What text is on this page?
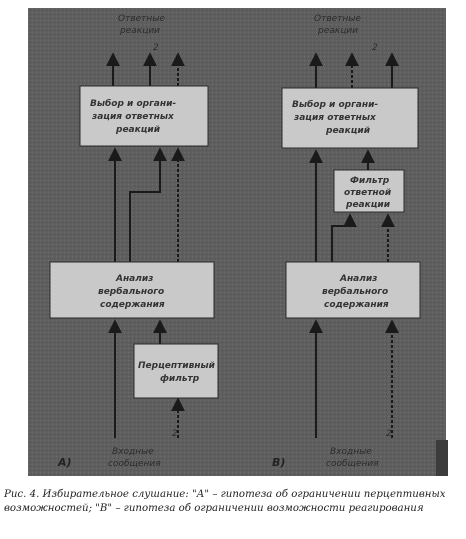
Ответные
реакции
2
Выбор и органи-
зация ответных
реакций
Анализ
вербального
содержания
Перцептивный
фильтр
2
Входные
сообщения
А)
Ответные
реакции
2
Выбор и органи-
зация ответных
реакций
Фильтр
ответной
реакции
Анализ
вербального
содержания
2
Входные
сообщения
В)

Рис. 4. Избирательное слушание: "А" – гипотеза об ограничении перцептивных возможностей; "В" – гипотеза об ограничении возможности реагирования
